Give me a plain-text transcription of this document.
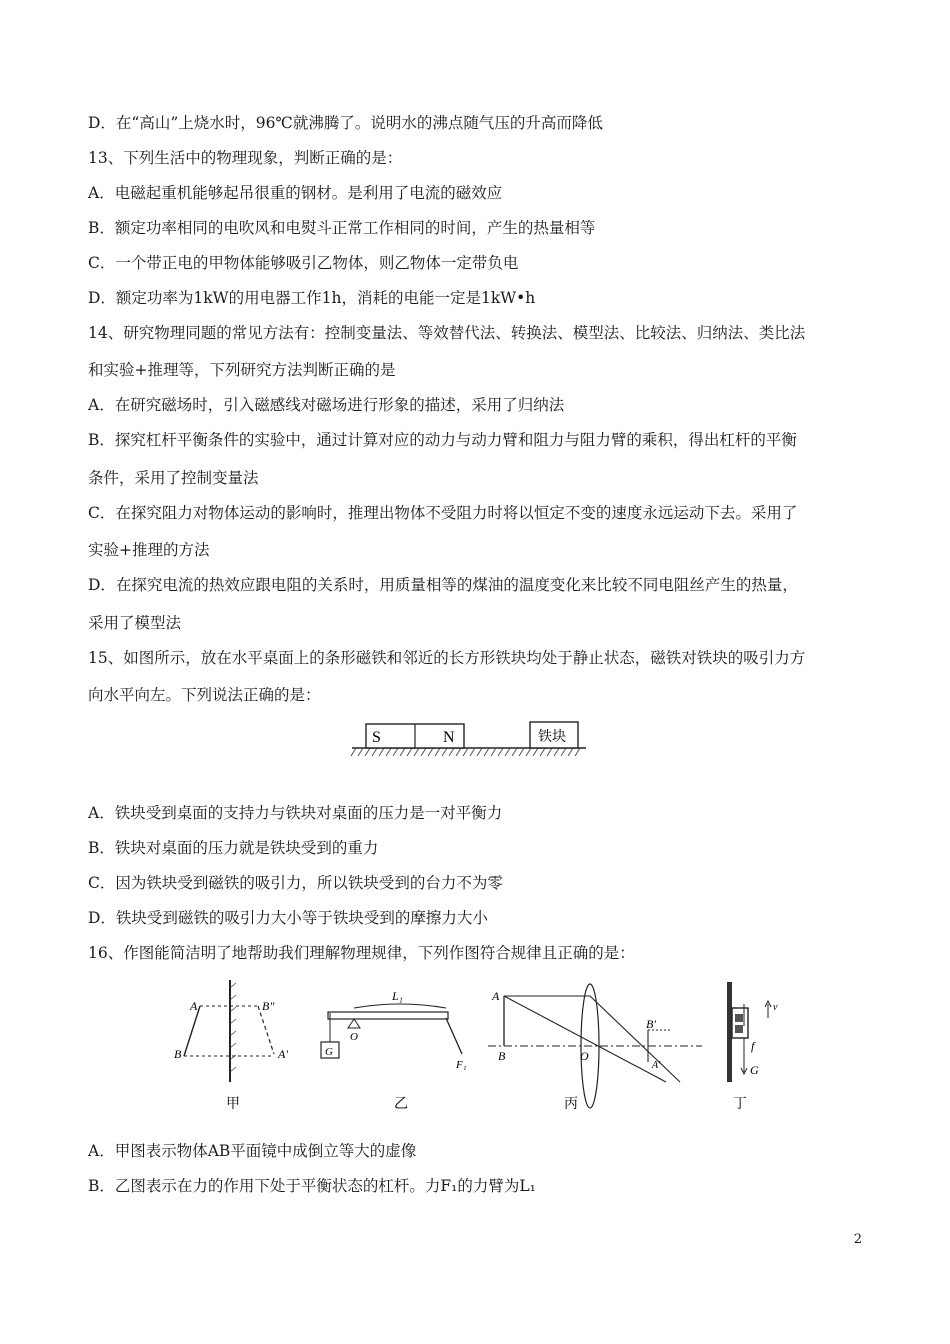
D．在“高山”上烧水时，96℃就沸腾了。说明水的沸点随气压的升高而降低
13、下列生活中的物理现象，判断正确的是：
A．电磁起重机能够起吊很重的钢材。是利用了电流的磁效应
B．额定功率相同的电吹风和电熨斗正常工作相同的时间，产生的热量相等
C．一个带正电的甲物体能够吸引乙物体，则乙物体一定带负电
D．额定功率为1kW的用电器工作1h，消耗的电能一定是1kW•h
14、研究物理同题的常见方法有：控制变量法、等效替代法、转换法、模型法、比较法、归纳法、类比法
和实验+推理等，下列研究方法判断正确的是
A．在研究磁场时，引入磁感线对磁场进行形象的描述，采用了归纳法
B．探究杠杆平衡条件的实验中，通过计算对应的动力与动力臂和阻力与阻力臂的乘积，得出杠杆的平衡
条件，采用了控制变量法
C．在探究阻力对物体运动的影响时，推理出物体不受阻力时将以恒定不变的速度永远运动下去。采用了
实验+推理的方法
D．在探究电流的热效应跟电阻的关系时，用质量相等的煤油的温度变化来比较不同电阻丝产生的热量，
采用了模型法
15、如图所示，放在水平桌面上的条形磁铁和邻近的长方形铁块均处于静止状态，磁铁对铁块的吸引力方
向水平向左。下列说法正确的是：
S	N	铁块
A．铁块受到桌面的支持力与铁块对桌面的压力是一对平衡力
B．铁块对桌面的压力就是铁块受到的重力
C．因为铁块受到磁铁的吸引力，所以铁块受到的台力不为零
D．铁块受到磁铁的吸引力大小等于铁块受到的摩擦力大小
16、作图能简洁明了地帮助我们理解物理规律，下列作图符合规律且正确的是：
A	B"
B	A'
甲
G
O
L₁
F₁
乙
A
B	O
B'
A'
丙
v
f
G
丁
A．甲图表示物体AB平面镜中成倒立等大的虚像
B．乙图表示在力的作用下处于平衡状态的杠杆。力F₁的力臂为L₁
2
